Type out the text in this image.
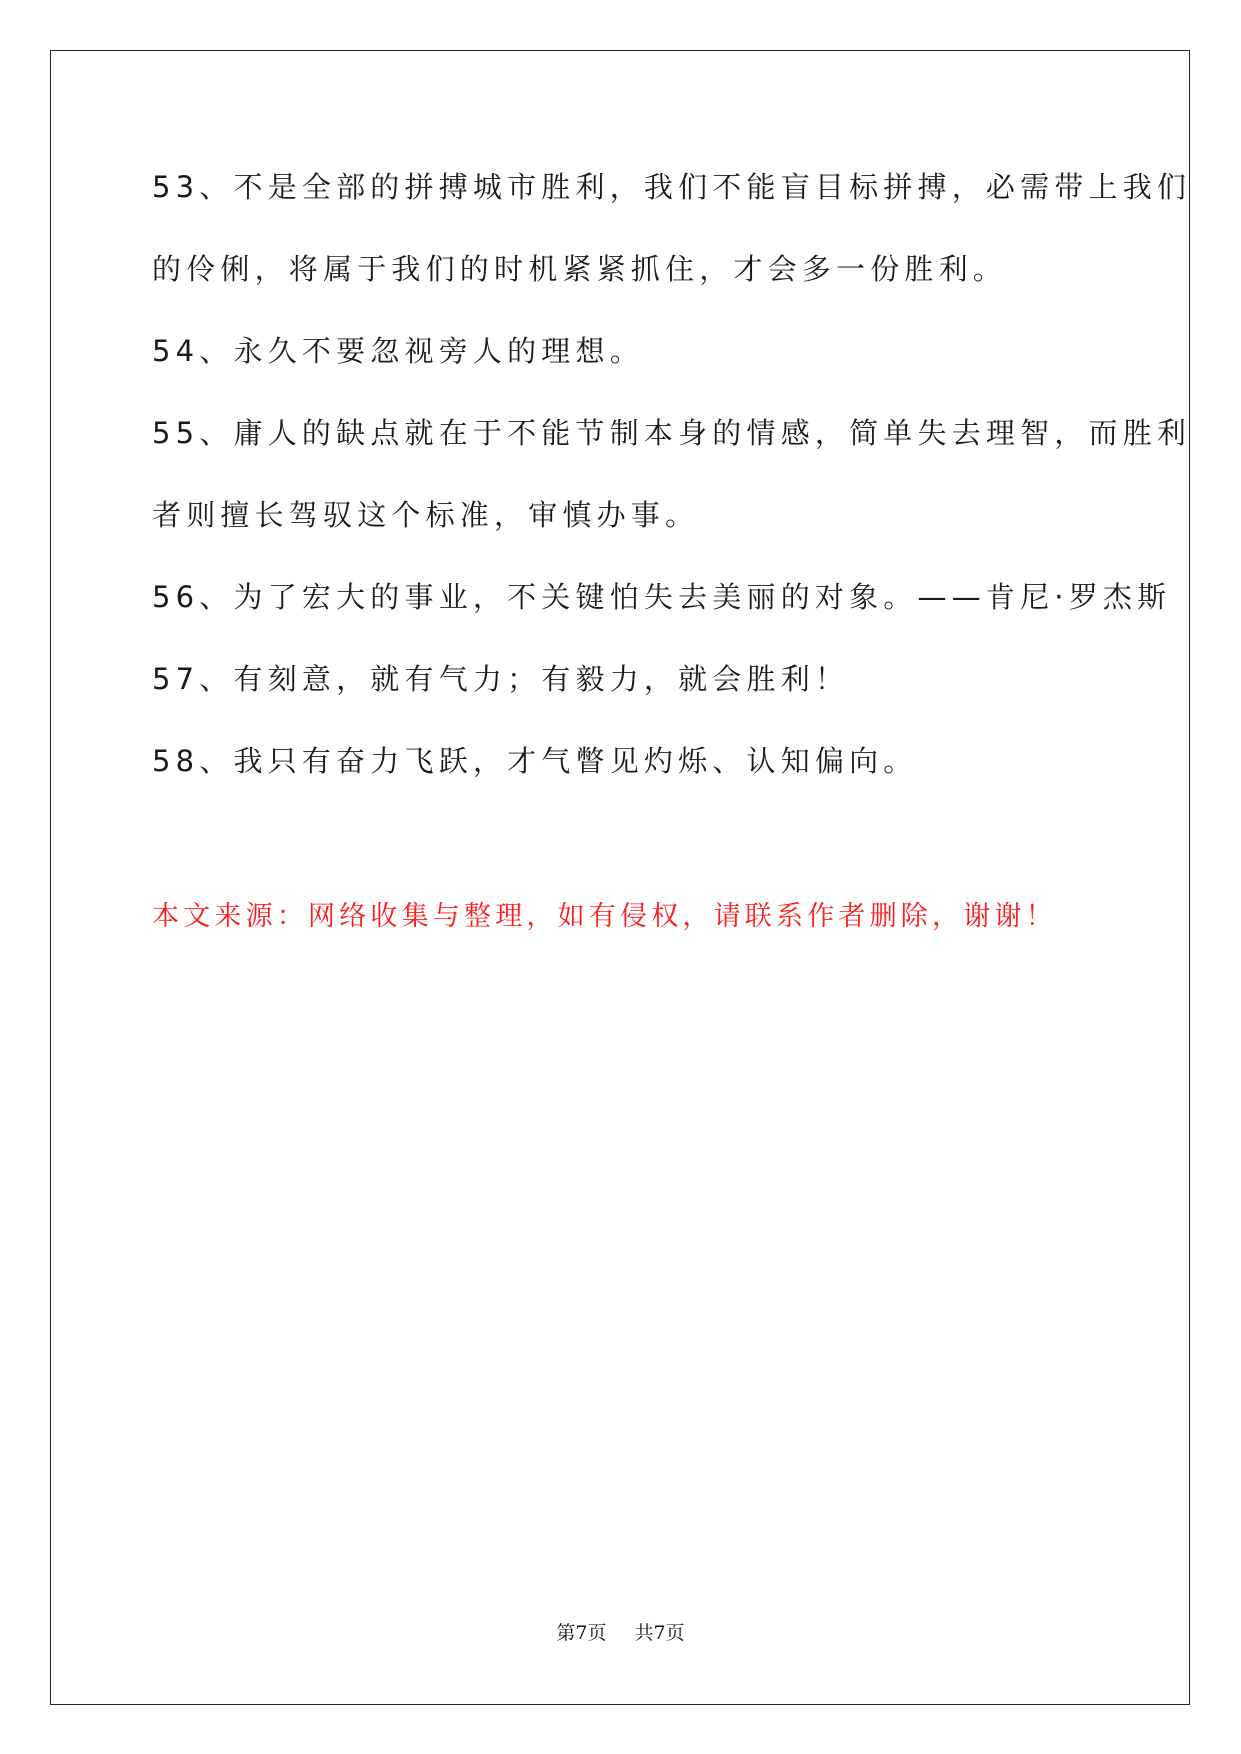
53、不是全部的拼搏城市胜利，我们不能盲目标拼搏，必需带上我们

的伶俐，将属于我们的时机紧紧抓住，才会多一份胜利。

54、永久不要忽视旁人的理想。

55、庸人的缺点就在于不能节制本身的情感，简单失去理智，而胜利

者则擅长驾驭这个标准，审慎办事。

56、为了宏大的事业，不关键怕失去美丽的对象。——肯尼·罗杰斯

57、有刻意，就有气力；有毅力，就会胜利！

58、我只有奋力飞跃，才气瞥见灼烁、认知偏向。

本文来源：网络收集与整理，如有侵权，请联系作者删除，谢谢！
第7页 共7页
